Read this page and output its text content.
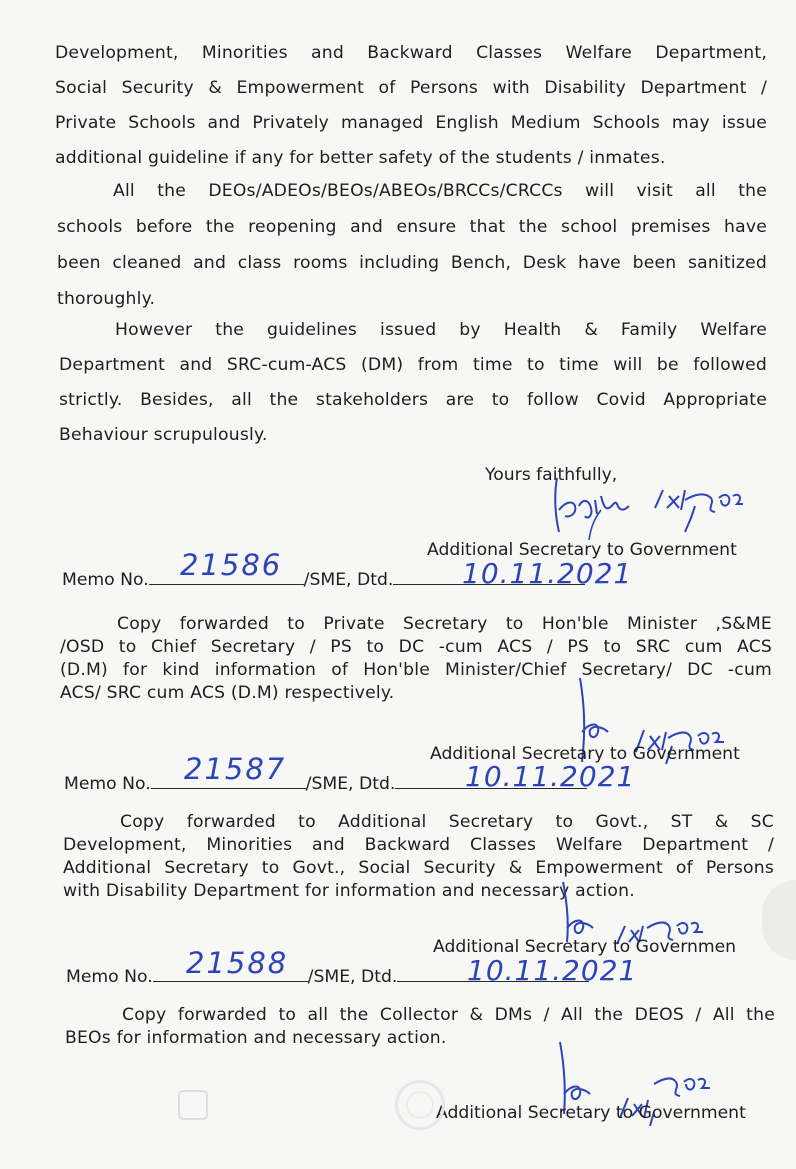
Development, Minorities and Backward Classes Welfare Department,
Social Security & Empowerment of Persons with Disability Department /
Private Schools and Privately managed English Medium Schools may issue
additional guideline if any for better safety of the students / inmates.
All the DEOs/ADEOs/BEOs/ABEOs/BRCCs/CRCCs will visit all the
schools before the reopening and ensure that the school premises have
been cleaned and class rooms including Bench, Desk have been sanitized
thoroughly.
However the guidelines issued by Health & Family Welfare
Department and SRC-cum-ACS (DM) from time to time will be followed
strictly. Besides, all the stakeholders are to follow Covid Appropriate
Behaviour scrupulously.
Yours faithfully,
Additional Secretary to Government
Memo No.	/SME, Dtd.
21586	10.11.2021
Copy forwarded to Private Secretary to Hon'ble Minister ,S&ME
/OSD to Chief Secretary / PS to DC -cum ACS / PS to SRC cum ACS
(D.M) for kind information of Hon'ble Minister/Chief Secretary/ DC -cum
ACS/ SRC cum ACS (D.M) respectively.
Additional Secretary to Government
Memo No.	/SME, Dtd.
21587	10.11.2021
Copy forwarded to Additional Secretary to Govt., ST & SC
Development, Minorities and Backward Classes Welfare Department /
Additional Secretary to Govt., Social Security & Empowerment of Persons
with Disability Department for information and necessary action.
Additional Secretary to Governmen
Memo No.	/SME, Dtd.
21588	10.11.2021
Copy forwarded to all the Collector & DMs / All the DEOS / All the
BEOs for information and necessary action.
Additional Secretary to Government
